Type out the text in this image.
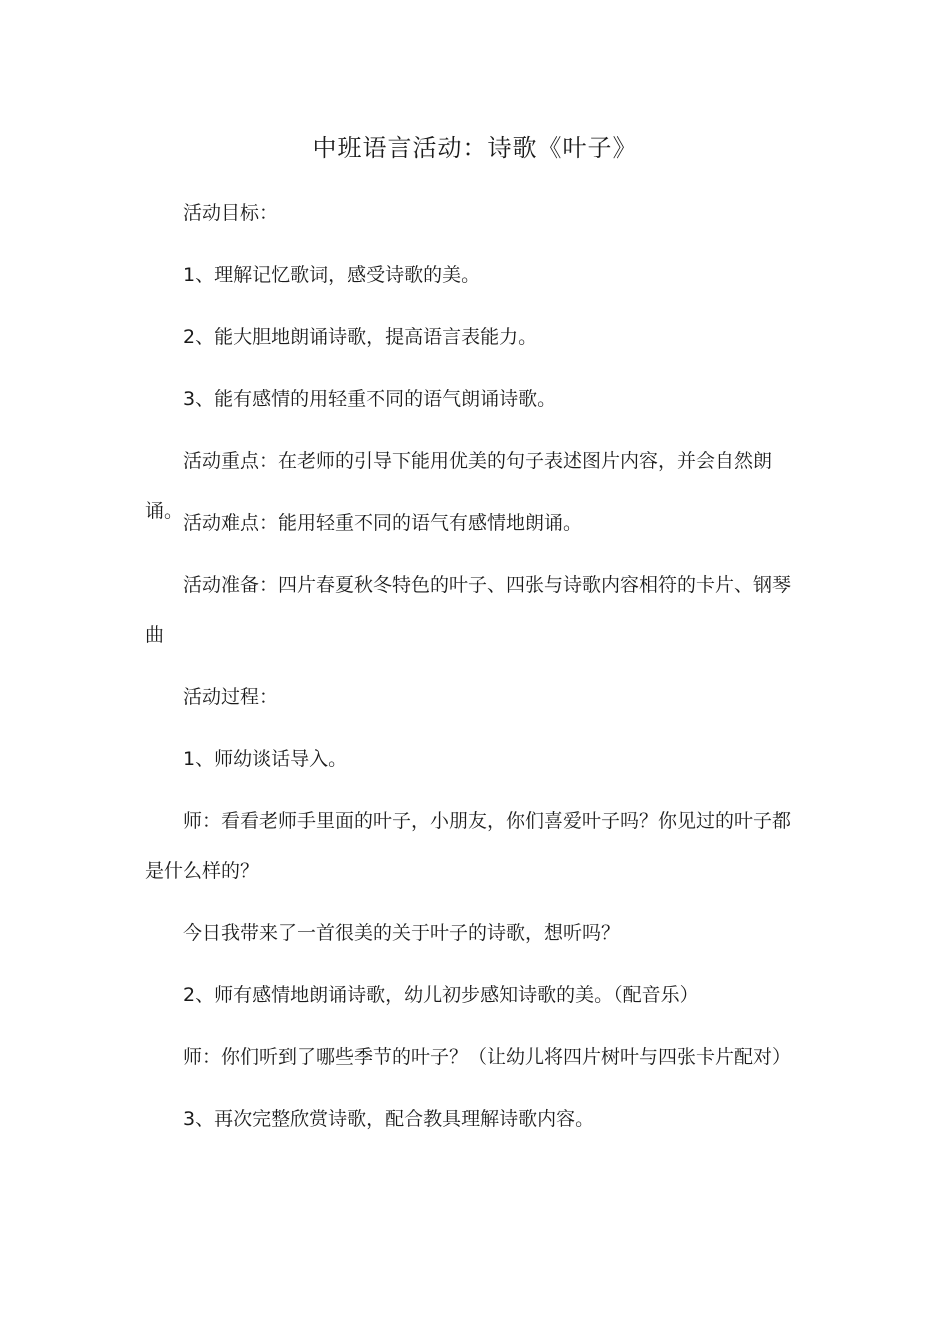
中班语言活动：诗歌《叶子》
活动目标：
1、理解记忆歌词，感受诗歌的美。
2、能大胆地朗诵诗歌，提高语言表能力。
3、能有感情的用轻重不同的语气朗诵诗歌。
活动重点：在老师的引导下能用优美的句子表述图片内容，并会自然朗诵。
活动难点：能用轻重不同的语气有感情地朗诵。
活动准备：四片春夏秋冬特色的叶子、四张与诗歌内容相符的卡片、钢琴曲
活动过程：
1、师幼谈话导入。
师：看看老师手里面的叶子，小朋友，你们喜爱叶子吗？你见过的叶子都是什么样的？
今日我带来了一首很美的关于叶子的诗歌，想听吗？
2、师有感情地朗诵诗歌，幼儿初步感知诗歌的美。（配音乐）
师：你们听到了哪些季节的叶子？（让幼儿将四片树叶与四张卡片配对）
3、再次完整欣赏诗歌，配合教具理解诗歌内容。
